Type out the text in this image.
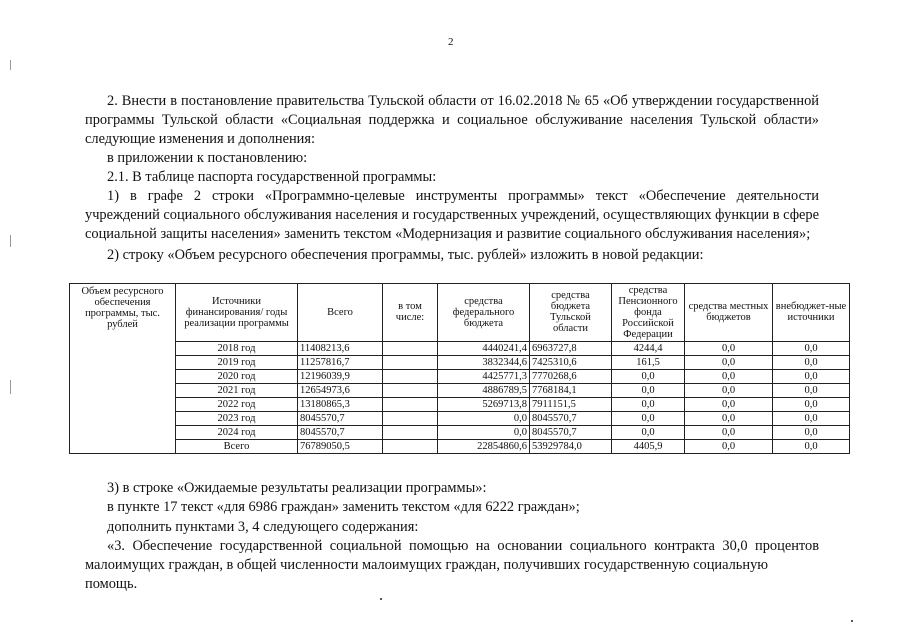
2

2. Внести в постановление правительства Тульской области от 16.02.2018 № 65 «Об утверждении государственной программы Тульской области «Социальная поддержка и социальное обслуживание населения Тульской области»

следующие изменения и дополнения:

в приложении к постановлению:

2.1. В таблице паспорта государственной программы:

1) в графе 2 строки «Программно-целевые инструменты программы» текст «Обеспечение деятельности учреждений социального обслуживания населения и государственных учреждений, осуществляющих функции в сфере

социальной защиты населения» заменить текстом «Модернизация и развитие социального обслуживания населения»;

2) строку «Объем ресурсного обеспечения программы, тыс. рублей» изложить в новой редакции:

Объем ресурсного обеспечения программы, тыс. рублей	Источники финансирования/ годы реализации программы	Всего	в том числе:	средства федерального бюджета	средства бюджета Тульской области	средства Пенсионного фонда Российской Федерации	средства местных бюджетов	внебюджет-ные источники
	2018 год	11408213,6		4440241,4	6963727,8	4244,4	0,0	0,0
	2019 год	11257816,7		3832344,6	7425310,6	161,5	0,0	0,0
	2020 год	12196039,9		4425771,3	7770268,6	0,0	0,0	0,0
	2021 год	12654973,6		4886789,5	7768184,1	0,0	0,0	0,0
	2022 год	13180865,3		5269713,8	7911151,5	0,0	0,0	0,0
	2023 год	8045570,7		0,0	8045570,7	0,0	0,0	0,0
	2024 год	8045570,7		0,0	8045570,7	0,0	0,0	0,0
	Всего	76789050,5		22854860,6	53929784,0	4405,9	0,0	0,0

3) в строке «Ожидаемые результаты реализации программы»:

в пункте 17 текст «для 6986 граждан» заменить текстом «для 6222 граждан»;

дополнить пунктами 3, 4 следующего содержания:

«3. Обеспечение государственной социальной помощью на основании социального контракта 30,0 процентов

малоимущих граждан, в общей численности малоимущих граждан, получивших государственную социальную помощь.
